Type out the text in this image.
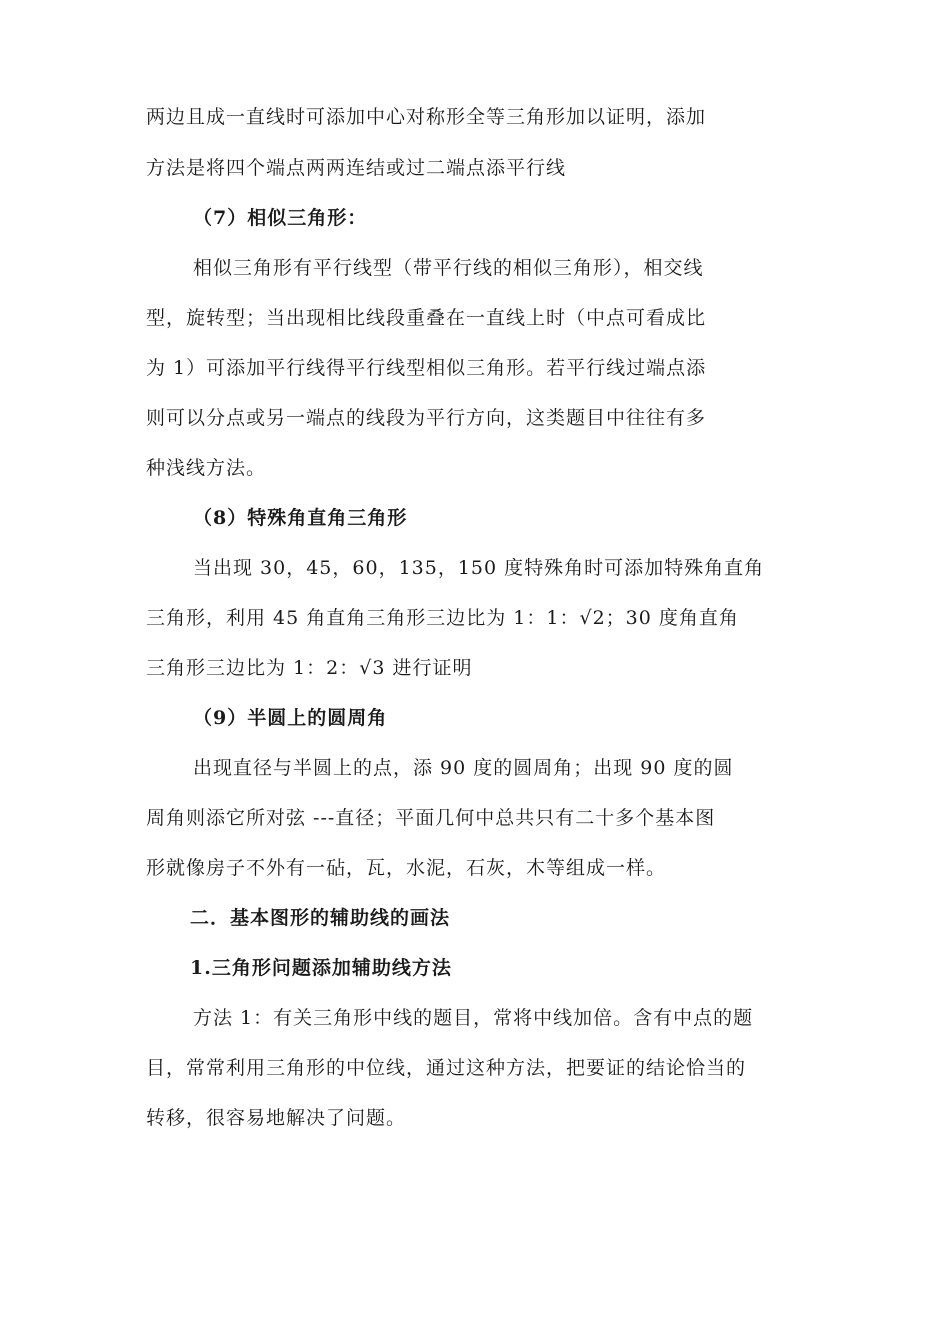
两边且成一直线时可添加中心对称形全等三角形加以证明，添加
方法是将四个端点两两连结或过二端点添平行线
（7）相似三角形：
相似三角形有平行线型（带平行线的相似三角形），相交线
型，旋转型；当出现相比线段重叠在一直线上时（中点可看成比
为 1）可添加平行线得平行线型相似三角形。若平行线过端点添
则可以分点或另一端点的线段为平行方向，这类题目中往往有多
种浅线方法。
（8）特殊角直角三角形
当出现 30，45，60，135，150 度特殊角时可添加特殊角直角
三角形，利用 45 角直角三角形三边比为 1：1：√2；30 度角直角
三角形三边比为 1：2：√3 进行证明
（9）半圆上的圆周角
出现直径与半圆上的点，添 90 度的圆周角；出现 90 度的圆
周角则添它所对弦 ---直径；平面几何中总共只有二十多个基本图
形就像房子不外有一砧，瓦，水泥，石灰，木等组成一样。
二．基本图形的辅助线的画法
1.三角形问题添加辅助线方法
方法 1：有关三角形中线的题目，常将中线加倍。含有中点的题
目，常常利用三角形的中位线，通过这种方法，把要证的结论恰当的
转移，很容易地解决了问题。
